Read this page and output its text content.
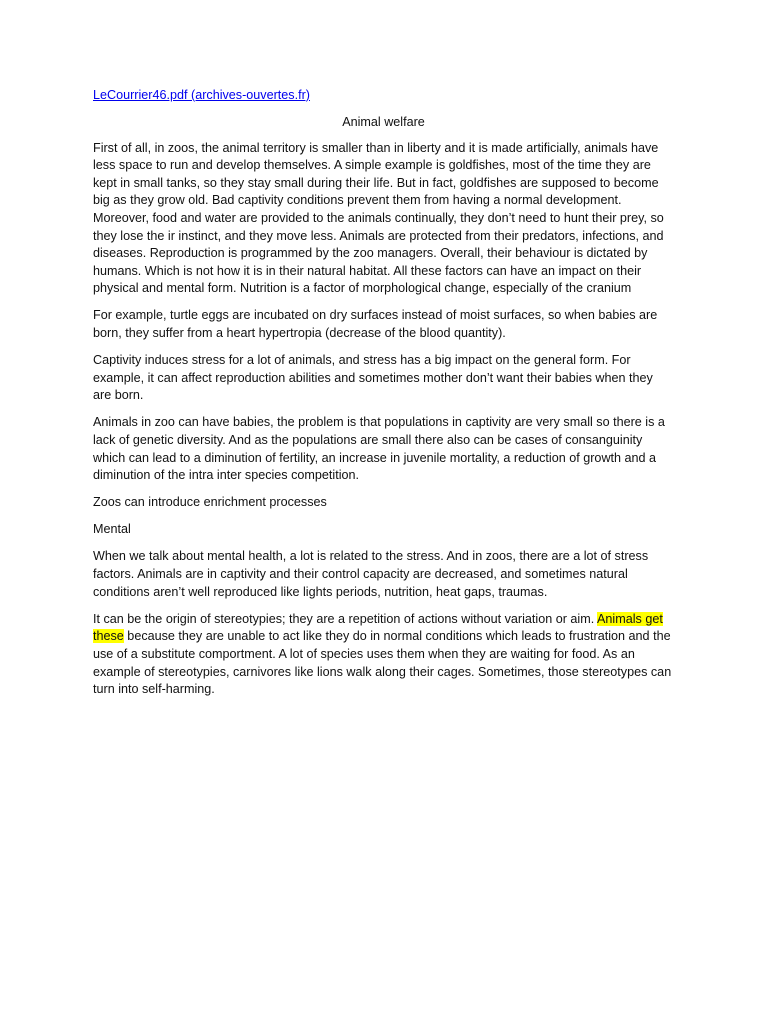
LeCourrier46.pdf (archives-ouvertes.fr)
Animal welfare

First of all, in zoos, the animal territory is smaller than in liberty and it is made artificially, animals have less space to run and develop themselves. A simple example is goldfishes, most of the time they are kept in small tanks, so they stay small during their life. But in fact, goldfishes are supposed to become big as they grow old. Bad captivity conditions prevent them from having a normal development. Moreover, food and water are provided to the animals continually, they don’t need to hunt their prey, so they lose the ir instinct, and they move less. Animals are protected from their predators, infections, and diseases. Reproduction is programmed by the zoo managers. Overall, their behaviour is dictated by humans. Which is not how it is in their natural habitat. All these factors can have an impact on their physical and mental form. Nutrition is a factor of morphological change, especially of the cranium

For example, turtle eggs are incubated on dry surfaces instead of moist surfaces, so when babies are born, they suffer from a heart hypertropia (decrease of the blood quantity).

Captivity induces stress for a lot of animals, and stress has a big impact on the general form. For example, it can affect reproduction abilities and sometimes mother don’t want their babies when they are born.

Animals in zoo can have babies, the problem is that populations in captivity are very small so there is a lack of genetic diversity. And as the populations are small there also can be cases of consanguinity which can lead to a diminution of fertility, an increase in juvenile mortality, a reduction of growth and a diminution of the intra inter species competition.

Zoos can introduce enrichment processes

Mental

When we talk about mental health, a lot is related to the stress. And in zoos, there are a lot of stress factors. Animals are in captivity and their control capacity are decreased, and sometimes natural conditions aren’t well reproduced like lights periods, nutrition, heat gaps, traumas.

It can be the origin of stereotypies; they are a repetition of actions without variation or aim. Animals get these because they are unable to act like they do in normal conditions which leads to frustration and the use of a substitute comportment. A lot of species uses them when they are waiting for food. As an example of stereotypies, carnivores like lions walk along their cages. Sometimes, those stereotypes can turn into self-harming.
